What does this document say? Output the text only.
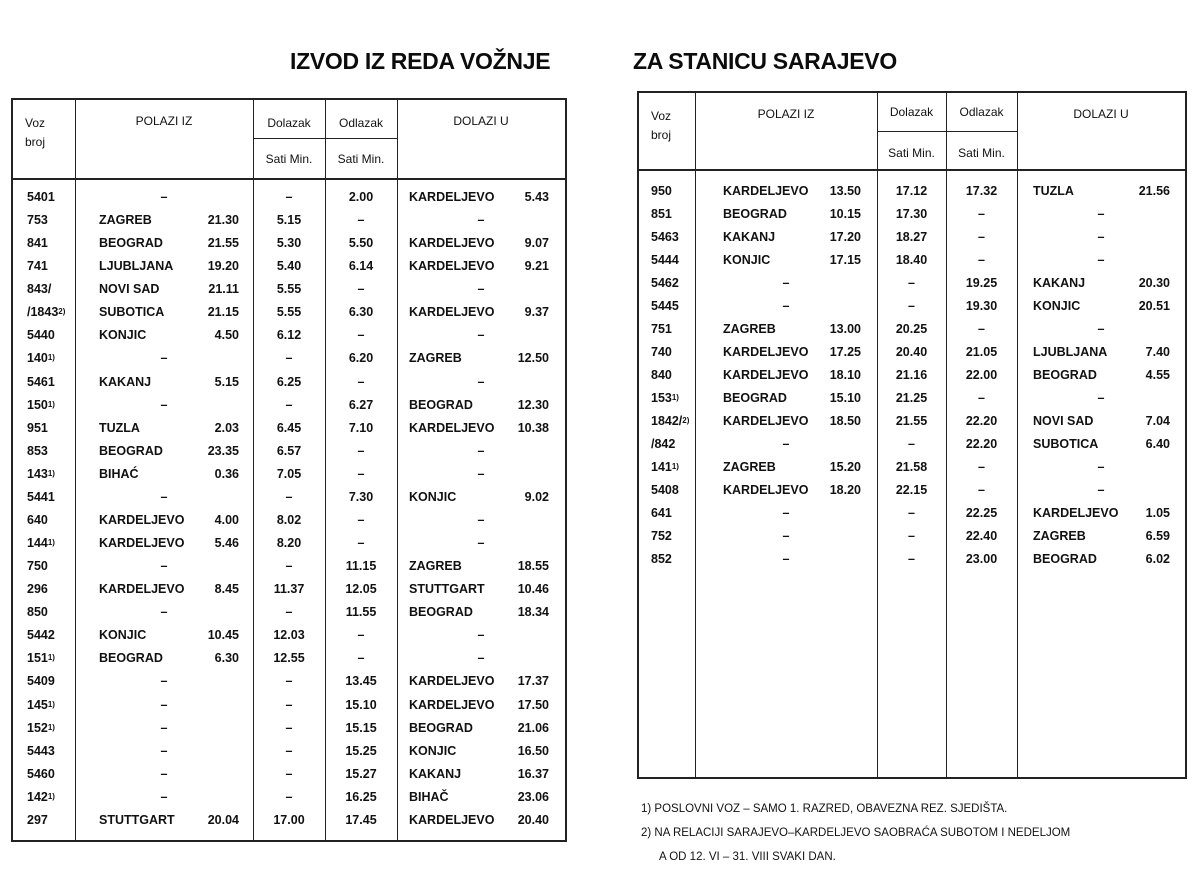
IZVOD IZ REDA VOŽNJE	ZA STANICU SARAJEVO
Voz
broj
POLAZI IZ	Dolazak	Odlazak
Sati Min.	Sati Min.
DOLAZI U
5401	–	–	2.00	KARDELJEVO	5.43
753	ZAGREB	21.30	5.15	–	–
841	BEOGRAD	21.55	5.30	5.50	KARDELJEVO	9.07
741	LJUBLJANA	19.20	5.40	6.14	KARDELJEVO	9.21
843/	NOVI SAD	21.11	5.55	–	–
/1843$^{2)}$	SUBOTICA	21.15	5.55	6.30	KARDELJEVO	9.37
5440	KONJIC	4.50	6.12	–	–
140$^{1)}$	–	–	6.20	ZAGREB	12.50
5461	KAKANJ	5.15	6.25	–	–
150$^{1)}$	–	–	6.27	BEOGRAD	12.30
951	TUZLA	2.03	6.45	7.10	KARDELJEVO	10.38
853	BEOGRAD	23.35	6.57	–	–
143$^{1)}$	BIHAĆ	0.36	7.05	–	–
5441	–	–	7.30	KONJIC	9.02
640	KARDELJEVO	4.00	8.02	–	–
144$^{1)}$	KARDELJEVO	5.46	8.20	–	–
750	–	–	11.15	ZAGREB	18.55
296	KARDELJEVO	8.45	11.37	12.05	STUTTGART	10.46
850	–	–	11.55	BEOGRAD	18.34
5442	KONJIC	10.45	12.03	–	–
151$^{1)}$	BEOGRAD	6.30	12.55	–	–
5409	–	–	13.45	KARDELJEVO	17.37
145$^{1)}$	–	–	15.10	KARDELJEVO	17.50
152$^{1)}$	–	–	15.15	BEOGRAD	21.06
5443	–	–	15.25	KONJIC	16.50
5460	–	–	15.27	KAKANJ	16.37
142$^{1)}$	–	–	16.25	BIHAČ	23.06
297	STUTTGART	20.04	17.00	17.45	KARDELJEVO	20.40
Voz
broj
POLAZI IZ	Dolazak	Odlazak
Sati Min.	Sati Min.
DOLAZI U
950	KARDELJEVO	13.50	17.12	17.32	TUZLA	21.56
851	BEOGRAD	10.15	17.30	–	–
5463	KAKANJ	17.20	18.27	–	–
5444	KONJIC	17.15	18.40	–	–
5462	–	–	19.25	KAKANJ	20.30
5445	–	–	19.30	KONJIC	20.51
751	ZAGREB	13.00	20.25	–	–
740	KARDELJEVO	17.25	20.40	21.05	LJUBLJANA	7.40
840	KARDELJEVO	18.10	21.16	22.00	BEOGRAD	4.55
153$^{1)}$	BEOGRAD	15.10	21.25	–	–
1842/$^{2)}$	KARDELJEVO	18.50	21.55	22.20	NOVI SAD	7.04
/842	–	–	22.20	SUBOTICA	6.40
141$^{1)}$	ZAGREB	15.20	21.58	–	–
5408	KARDELJEVO	18.20	22.15	–	–
641	–	–	22.25	KARDELJEVO	1.05
752	–	–	22.40	ZAGREB	6.59
852	–	–	23.00	BEOGRAD	6.02
1) POSLOVNI VOZ – SAMO 1. RAZRED, OBAVEZNA REZ. SJEDIŠTA.
2) NA RELACIJI SARAJEVO–KARDELJEVO SAOBRAĆA SUBOTOM I NEDELJOM
A OD 12. VI – 31. VIII SVAKI DAN.
